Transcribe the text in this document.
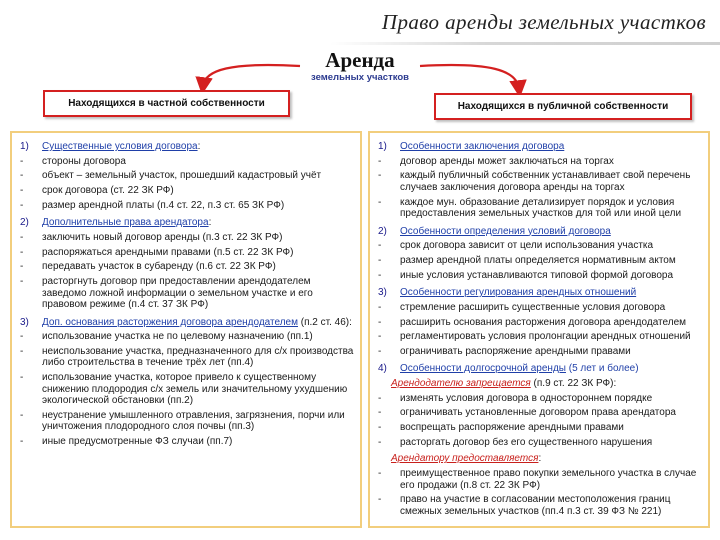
Право аренды земельных участков
Аренда
земельных участков
Находящихся в частной собственности	Находящихся в публичной собственности
1)	Существенные условия договора:
-	стороны договора
-	объект – земельный участок, прошедший кадастровый учёт
-	срок договора (ст. 22 ЗК РФ)
-	размер арендной платы (п.4 ст. 22, п.3 ст. 65 ЗК РФ)
2)	Дополнительные права арендатора:
-	заключить новый договор аренды (п.3 ст. 22 ЗК РФ)
-	распоряжаться арендными правами (п.5 ст. 22 ЗК РФ)
-	передавать участок в субаренду (п.6 ст. 22 ЗК РФ)
-	расторгнуть договор при предоставлении арендодателем заведомо ложной информации о земельном участке и его правовом режиме (п.4 ст. 37 ЗК РФ)
3)	Доп. основания расторжения договора арендодателем (п.2 ст. 46):
-	использование участка не по целевому назначению (пп.1)
-	неиспользование участка, предназначенного для с/х производства либо строительства в течение трёх лет (пп.4)
-	использование участка, которое привело к существенному снижению плодородия с/х земель или значительному ухудшению экологической обстановки (пп.2)
-	неустранение умышленного отравления, загрязнения, порчи или уничтожения плодородного слоя почвы (пп.3)
-	иные предусмотренные ФЗ случаи (пп.7)
1)	Особенности заключения договора
-	договор аренды может заключаться на торгах
-	каждый публичный собственник устанавливает свой перечень случаев заключения договора аренды на торгах
-	каждое мун. образование детализирует порядок и условия предоставления земельных участков для той или иной цели
2)	Особенности определения условий договора
-	срок договора зависит от цели использования участка
-	размер арендной платы определяется нормативным актом
-	иные условия устанавливаются типовой формой договора
3)	Особенности регулирования арендных отношений
-	стремление расширить существенные условия договора
-	расширить основания расторжения договора арендодателем
-	регламентировать условия пролонгации арендных отношений
-	ограничивать распоряжение арендными правами
4)	Особенности долгосрочной аренды (5 лет и более)
Арендодателю запрещается (п.9 ст. 22 ЗК РФ):
-	изменять условия договора в одностороннем порядке
-	ограничивать установленные договором права арендатора
-	воспрещать распоряжение арендными правами
-	расторгать договор без его существенного нарушения
Арендатору предоставляется:
-	преимущественное право покупки земельного участка в случае его продажи (п.8 ст. 22 ЗК РФ)
-	право на участие в согласовании местоположения границ смежных земельных участков (пп.4 п.3 ст. 39 ФЗ № 221)
